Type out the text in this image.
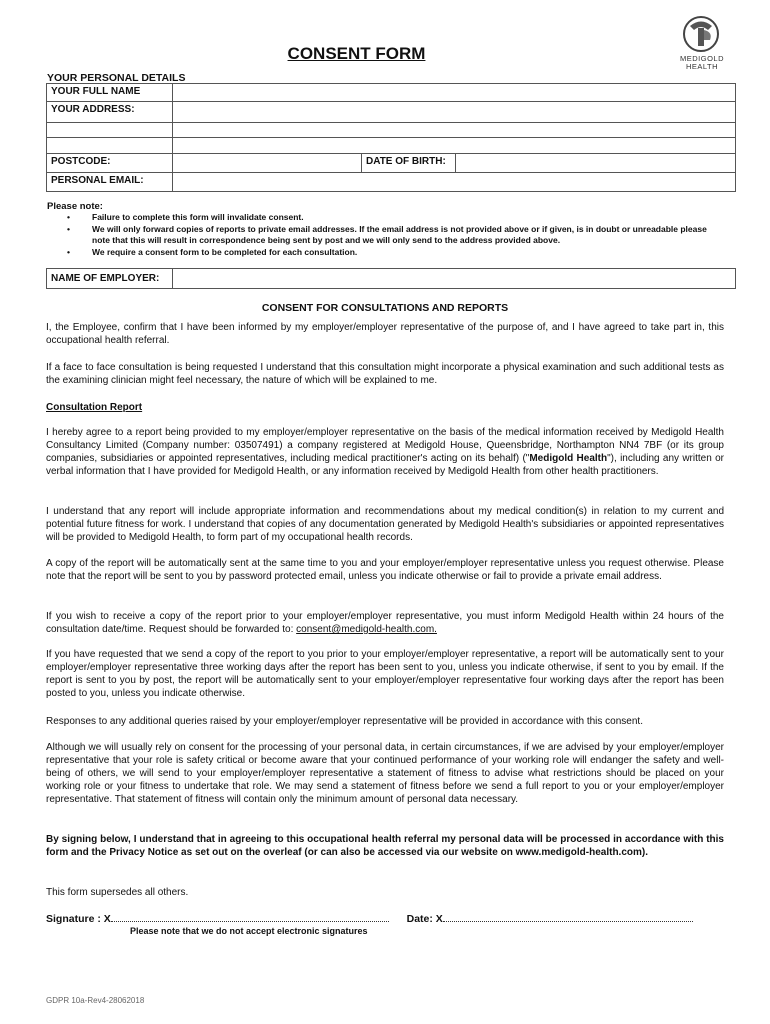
CONSENT FORM	MEDIGOLD
HEALTH
YOUR PERSONAL DETAILS
YOUR FULL NAME			
YOUR ADDRESS:			

POSTCODE:		DATE OF BIRTH:	
PERSONAL EMAIL:			
Please note:
• Failure to complete this form will invalidate consent.
• We will only forward copies of reports to private email addresses. If the email address is not provided above or if given, is in doubt or unreadable please note that this will result in correspondence being sent by post and we will only send to the address provided above.
• We require a consent form to be completed for each consultation.
NAME OF EMPLOYER:	
CONSENT FOR CONSULTATIONS AND REPORTS
I, the Employee, confirm that I have been informed by my employer/employer representative of the purpose of, and I have agreed to take part in, this occupational health referral.
If a face to face consultation is being requested I understand that this consultation might incorporate a physical examination and such additional tests as the examining clinician might feel necessary, the nature of which will be explained to me.
Consultation Report
I hereby agree to a report being provided to my employer/employer representative on the basis of the medical information received by Medigold Health Consultancy Limited (Company number: 03507491) a company registered at Medigold House, Queensbridge, Northampton NN4 7BF (or its group companies, subsidiaries or appointed representatives, including medical practitioner's acting on its behalf) ("Medigold Health"), including any written or verbal information that I have provided for Medigold Health, or any information received by Medigold Health from other health practitioners.
I understand that any report will include appropriate information and recommendations about my medical condition(s) in relation to my current and potential future fitness for work. I understand that copies of any documentation generated by Medigold Health's subsidiaries or appointed representatives will be provided to Medigold Health, to form part of my occupational health records.
A copy of the report will be automatically sent at the same time to you and your employer/employer representative unless you request otherwise. Please note that the report will be sent to you by password protected email, unless you indicate otherwise or fail to provide a private email address.
If you wish to receive a copy of the report prior to your employer/employer representative, you must inform Medigold Health within 24 hours of the consultation date/time. Request should be forwarded to: consent@medigold-health.com.
If you have requested that we send a copy of the report to you prior to your employer/employer representative, a report will be automatically sent to your employer/employer representative three working days after the report has been sent to you, unless you indicate otherwise, if sent to you by email. If the report is sent to you by post, the report will be automatically sent to your employer/employer representative four working days after the report has been posted to you, unless you indicate otherwise.
Responses to any additional queries raised by your employer/employer representative will be provided in accordance with this consent.
Although we will usually rely on consent for the processing of your personal data, in certain circumstances, if we are advised by your employer/employer representative that your role is safety critical or become aware that your continued performance of your working role will endanger the safety and well-being of others, we will send to your employer/employer representative a statement of fitness to advise what restrictions should be placed on your working role or your fitness to undertake that role. We may send a statement of fitness before we send a full report to you or your employer/employer representative. That statement of fitness will contain only the minimum amount of personal data necessary.
By signing below, I understand that in agreeing to this occupational health referral my personal data will be processed in accordance with this form and the Privacy Notice as set out on the overleaf (or can also be accessed via our website on www.medigold-health.com).
This form supersedes all others.
Signature : X	Date: X
Please note that we do not accept electronic signatures
GDPR 10a-Rev4-28062018
